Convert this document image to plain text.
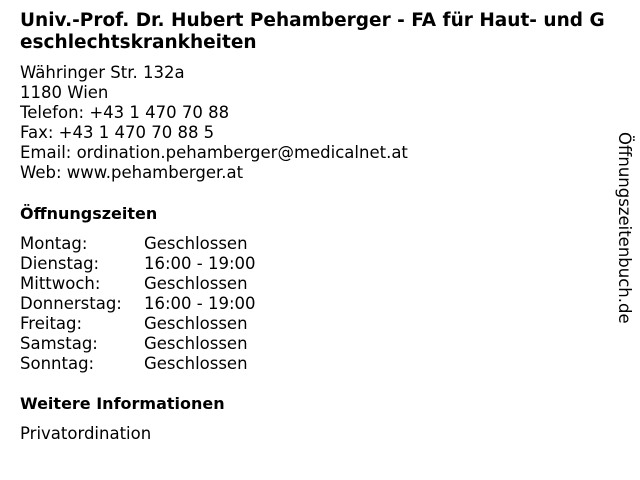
Univ.-Prof. Dr. Hubert Pehamberger - FA für Haut- und Geschlechtskrankheiten
Währinger Str. 132a
1180 Wien
Telefon: +43 1 470 70 88
Fax: +43 1 470 70 88 5
Email: ordination.pehamberger@medicalnet.at
Web: www.pehamberger.at
Öffnungszeiten
Montag:	Geschlossen
Dienstag:	16:00 - 19:00
Mittwoch:	Geschlossen
Donnerstag:	16:00 - 19:00
Freitag:	Geschlossen
Samstag:	Geschlossen
Sonntag:	Geschlossen
Weitere Informationen
Privatordination
Öffnungszeitenbuch.de
